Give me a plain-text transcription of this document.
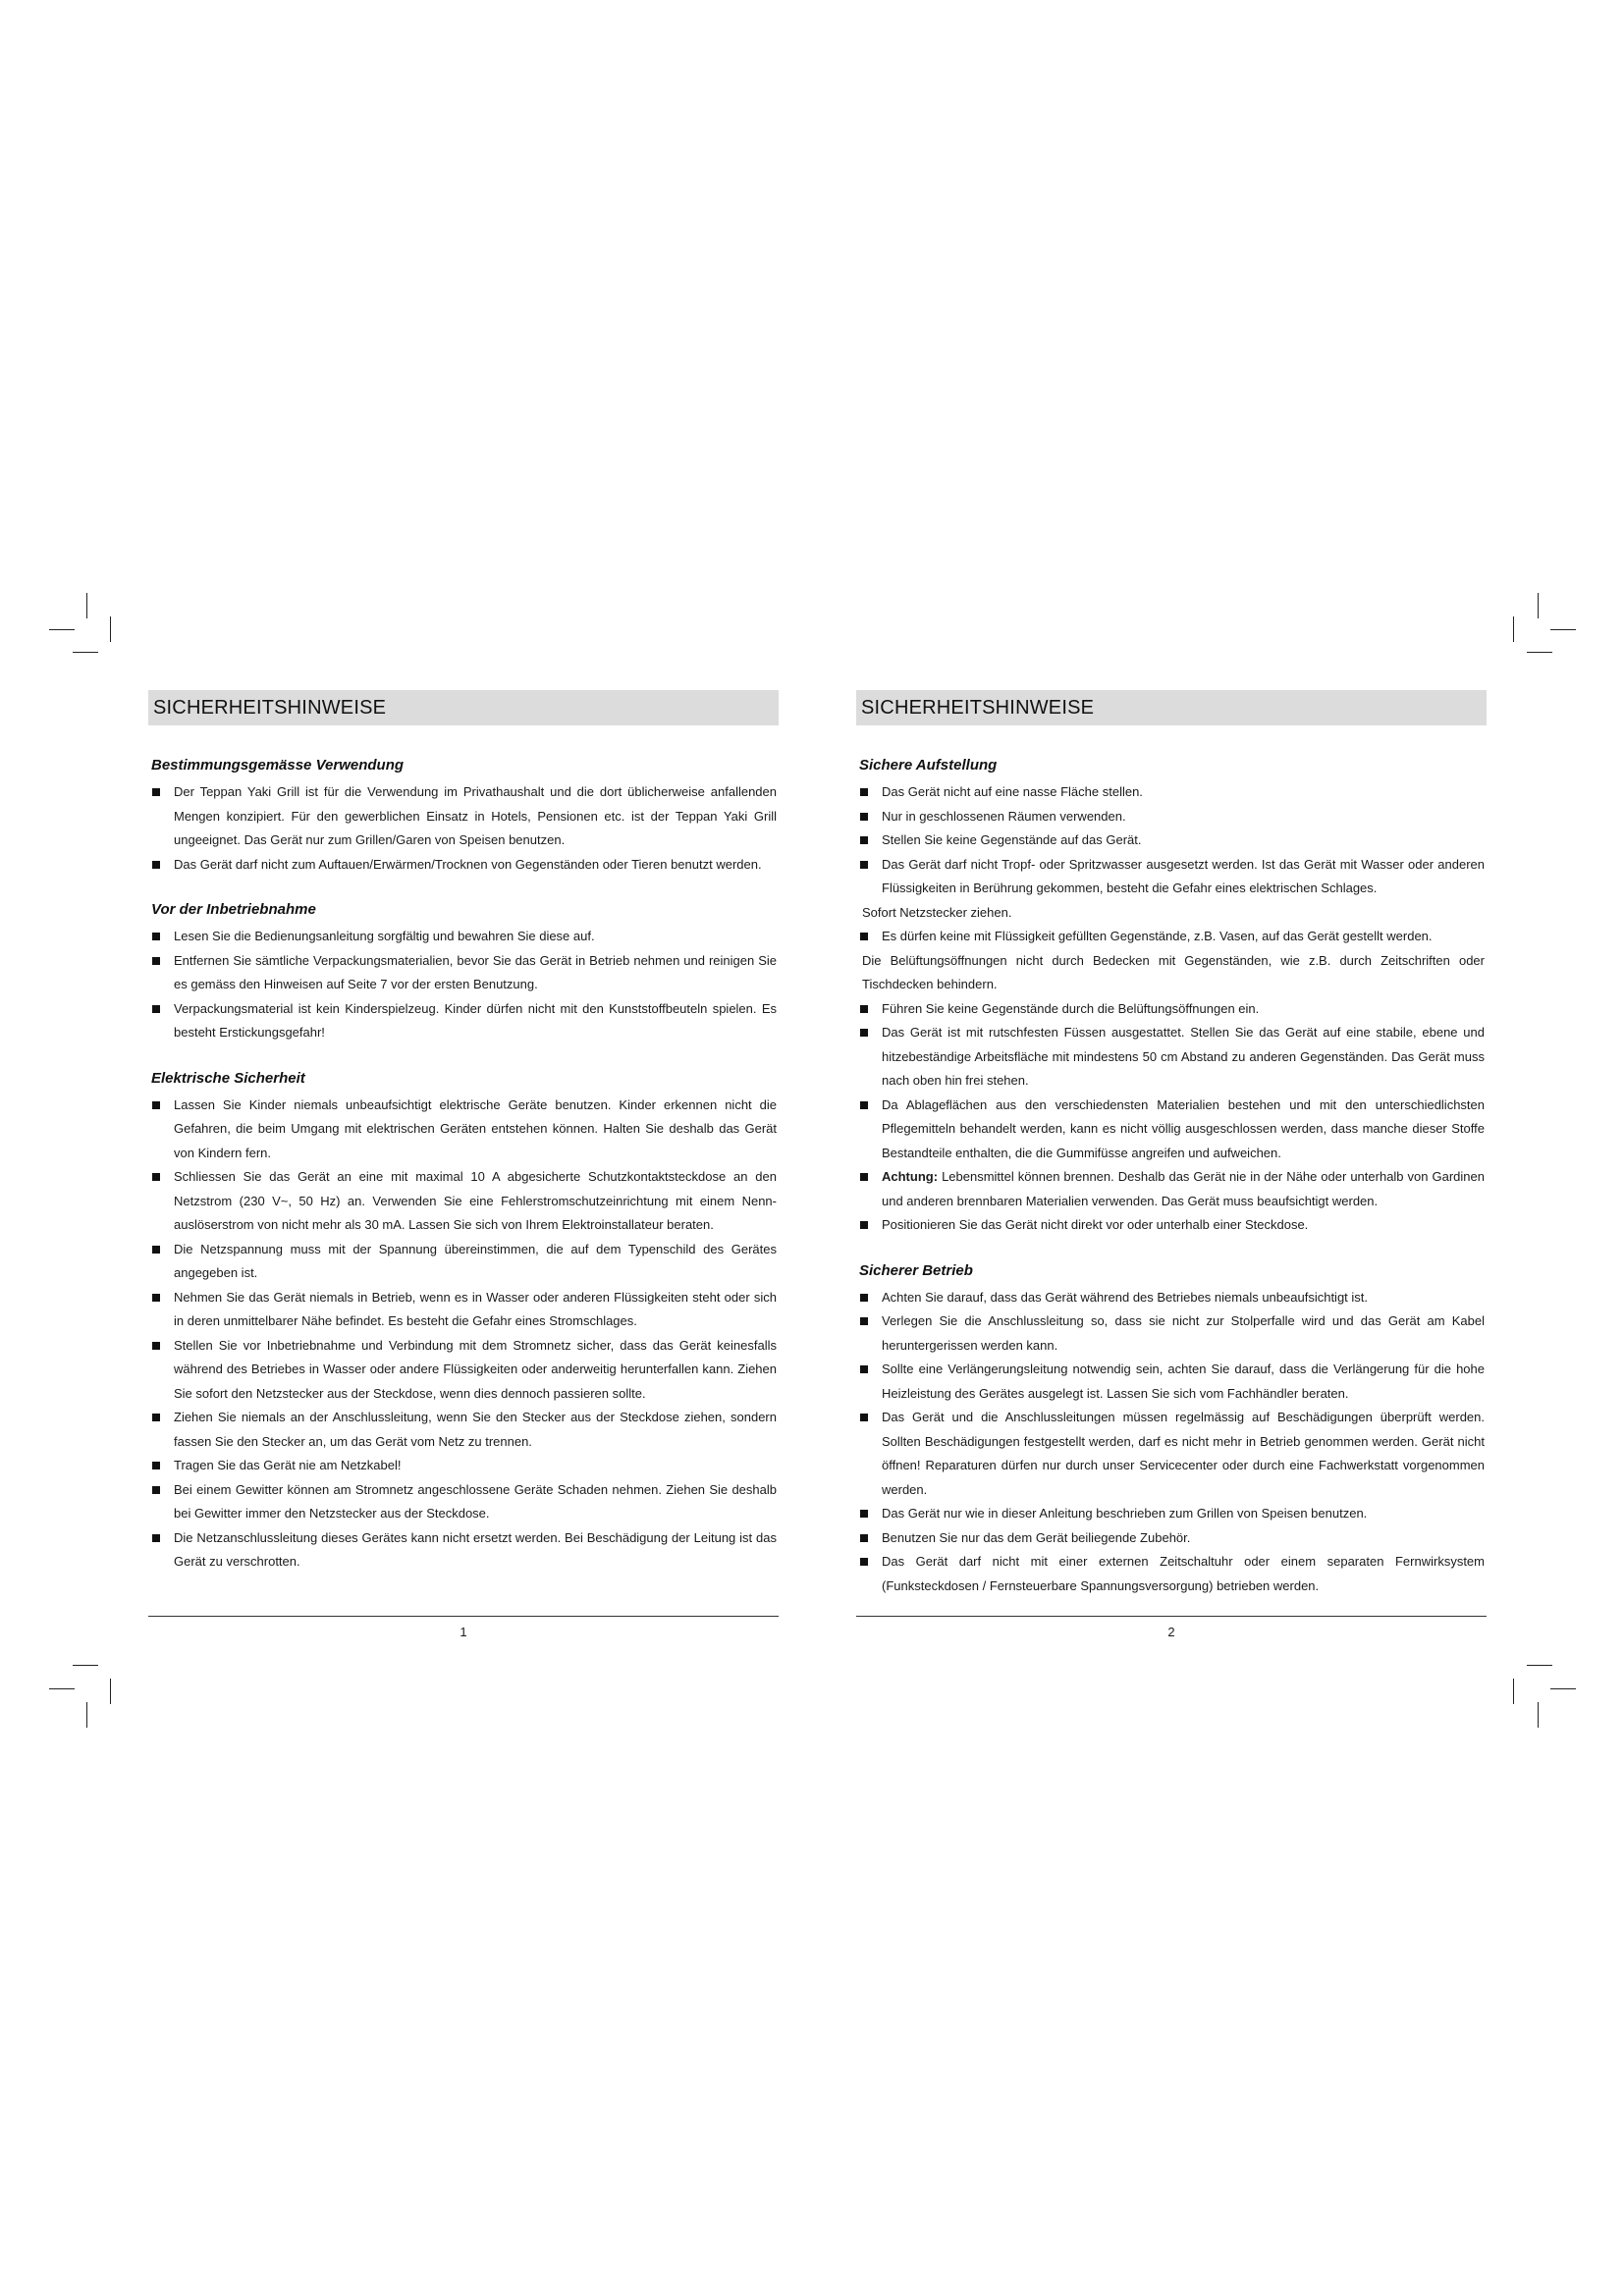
SICHERHEITSHINWEISE
Bestimmungsgemässe Verwendung
Der Teppan Yaki Grill ist für die Verwendung im Privathaushalt und die dort üblicherweise anfallenden Mengen konzipiert. Für den gewerblichen Einsatz in Hotels, Pensionen etc. ist der Teppan Yaki Grill ungeeignet. Das Gerät nur zum Grillen/Garen von Speisen benutzen.
Das Gerät darf nicht zum Auftauen/Erwärmen/Trocknen von Gegenständen oder Tieren benutzt werden.
Vor der Inbetriebnahme
Lesen Sie die Bedienungsanleitung sorgfältig und bewahren Sie diese auf.
Entfernen Sie sämtliche Verpackungsmaterialien, bevor Sie das Gerät in Betrieb nehmen und reinigen Sie es gemäss den Hinweisen auf Seite 7 vor der ersten Benutzung.
Verpackungsmaterial ist kein Kinderspielzeug. Kinder dürfen nicht mit den Kunststoffbeuteln spielen. Es besteht Erstickungsgefahr!
Elektrische Sicherheit
Lassen Sie Kinder niemals unbeaufsichtigt elektrische Geräte benutzen. Kinder erkennen nicht die Gefahren, die beim Umgang mit elektrischen Geräten entstehen können. Halten Sie deshalb das Gerät von Kindern fern.
Schliessen Sie das Gerät an eine mit maximal 10 A abgesicherte Schutzkontaktsteckdose an den Netzstrom (230 V~, 50 Hz) an. Verwenden Sie eine Fehlerstromschutzeinrichtung mit einem Nenn-auslöserstrom von nicht mehr als 30 mA. Lassen Sie sich von Ihrem Elektroinstallateur beraten.
Die Netzspannung muss mit der Spannung übereinstimmen, die auf dem Typenschild des Gerätes angegeben ist.
Nehmen Sie das Gerät niemals in Betrieb, wenn es in Wasser oder anderen Flüssigkeiten steht oder sich in deren unmittelbarer Nähe befindet. Es besteht die Gefahr eines Stromschlages.
Stellen Sie vor Inbetriebnahme und Verbindung mit dem Stromnetz sicher, dass das Gerät keinesfalls während des Betriebes in Wasser oder andere Flüssigkeiten oder anderweitig herunterfallen kann. Ziehen Sie sofort den Netzstecker aus der Steckdose, wenn dies dennoch passieren sollte.
Ziehen Sie niemals an der Anschlussleitung, wenn Sie den Stecker aus der Steckdose ziehen, sondern fassen Sie den Stecker an, um das Gerät vom Netz zu trennen.
Tragen Sie das Gerät nie am Netzkabel!
Bei einem Gewitter können am Stromnetz angeschlossene Geräte Schaden nehmen. Ziehen Sie deshalb bei Gewitter immer den Netzstecker aus der Steckdose.
Die Netzanschlussleitung dieses Gerätes kann nicht ersetzt werden. Bei Beschädigung der Leitung ist das Gerät zu verschrotten.
1
SICHERHEITSHINWEISE
Sichere Aufstellung
Das Gerät nicht auf eine nasse Fläche stellen.
Nur in geschlossenen Räumen verwenden.
Stellen Sie keine Gegenstände auf das Gerät.
Das Gerät darf nicht Tropf- oder Spritzwasser ausgesetzt werden. Ist das Gerät mit Wasser oder anderen Flüssigkeiten in Berührung gekommen, besteht die Gefahr eines elektrischen Schlages.
Sofort Netzstecker ziehen.
Es dürfen keine mit Flüssigkeit gefüllten Gegenstände, z.B. Vasen, auf das Gerät gestellt werden.
Die Belüftungsöffnungen nicht durch Bedecken mit Gegenständen, wie z.B. durch Zeitschriften oder Tischdecken behindern.
Führen Sie keine Gegenstände durch die Belüftungsöffnungen ein.
Das Gerät ist mit rutschfesten Füssen ausgestattet. Stellen Sie das Gerät auf eine stabile, ebene und hitzebeständige Arbeitsfläche mit mindestens 50 cm Abstand zu anderen Gegenständen. Das Gerät muss nach oben hin frei stehen.
Da Ablageflächen aus den verschiedensten Materialien bestehen und mit den unterschiedlichsten Pflegemitteln behandelt werden, kann es nicht völlig ausgeschlossen werden, dass manche dieser Stoffe Bestandteile enthalten, die die Gummifüsse angreifen und aufweichen.
Achtung: Lebensmittel können brennen. Deshalb das Gerät nie in der Nähe oder unterhalb von Gardinen und anderen brennbaren Materialien verwenden. Das Gerät muss beaufsichtigt werden.
Positionieren Sie das Gerät nicht direkt vor oder unterhalb einer Steckdose.
Sicherer Betrieb
Achten Sie darauf, dass das Gerät während des Betriebes niemals unbeaufsichtigt ist.
Verlegen Sie die Anschlussleitung so, dass sie nicht zur Stolperfalle wird und das Gerät am Kabel heruntergerissen werden kann.
Sollte eine Verlängerungsleitung notwendig sein, achten Sie darauf, dass die Verlängerung für die hohe Heizleistung des Gerätes ausgelegt ist. Lassen Sie sich vom Fachhändler beraten.
Das Gerät und die Anschlussleitungen müssen regelmässig auf Beschädigungen überprüft werden. Sollten Beschädigungen festgestellt werden, darf es nicht mehr in Betrieb genommen werden. Gerät nicht öffnen! Reparaturen dürfen nur durch unser Servicecenter oder durch eine Fachwerkstatt vorgenommen werden.
Das Gerät nur wie in dieser Anleitung beschrieben zum Grillen von Speisen benutzen.
Benutzen Sie nur das dem Gerät beiliegende Zubehör.
Das Gerät darf nicht mit einer externen Zeitschaltuhr oder einem separaten Fernwirksystem (Funksteckdosen / Fernsteuerbare Spannungsversorgung) betrieben werden.
2
